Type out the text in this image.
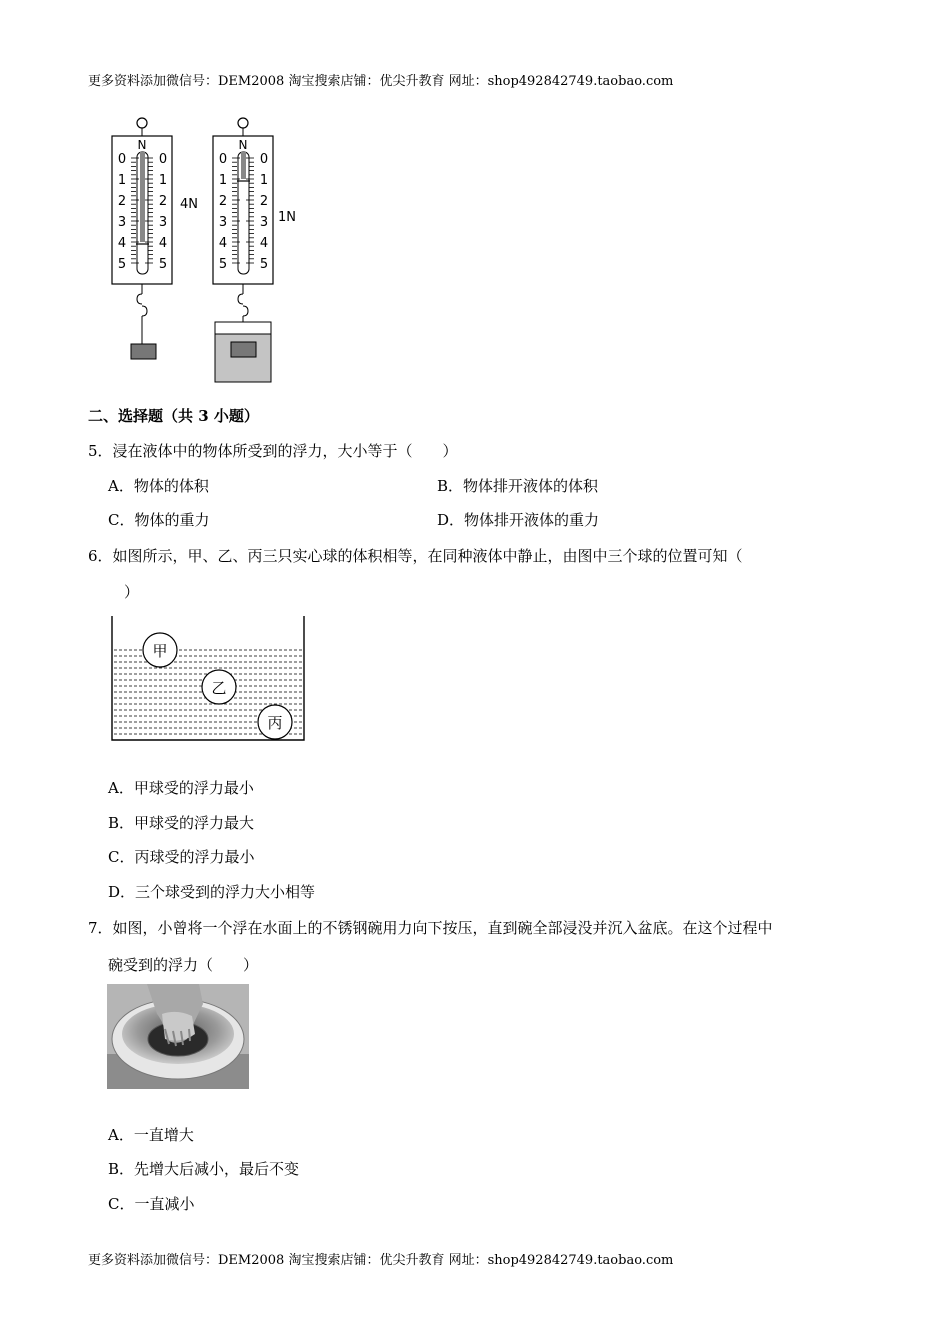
更多资料添加微信号：DEM2008 淘宝搜索店铺：优尖升教育 网址：shop492842749.taobao.com
N
0
1
2
3
4
5
0
1
2
3
4
5
4N
N
0
1
2
3
4
5
0
1
2
3
4
5
1N
二、选择题（共 3 小题）
5．浸在液体中的物体所受到的浮力，大小等于（　　）
A．物体的体积	B．物体排开液体的体积
C．物体的重力	D．物体排开液体的重力
6．如图所示，甲、乙、丙三只实心球的体积相等，在同种液体中静止，由图中三个球的位置可知（
）
甲
乙
丙
A．甲球受的浮力最小
B．甲球受的浮力最大
C．丙球受的浮力最小
D．三个球受到的浮力大小相等
7．如图，小曾将一个浮在水面上的不锈钢碗用力向下按压，直到碗全部浸没并沉入盆底。在这个过程中
碗受到的浮力（　　）
A．一直增大
B．先增大后减小，最后不变
C．一直减小
更多资料添加微信号：DEM2008 淘宝搜索店铺：优尖升教育 网址：shop492842749.taobao.com
